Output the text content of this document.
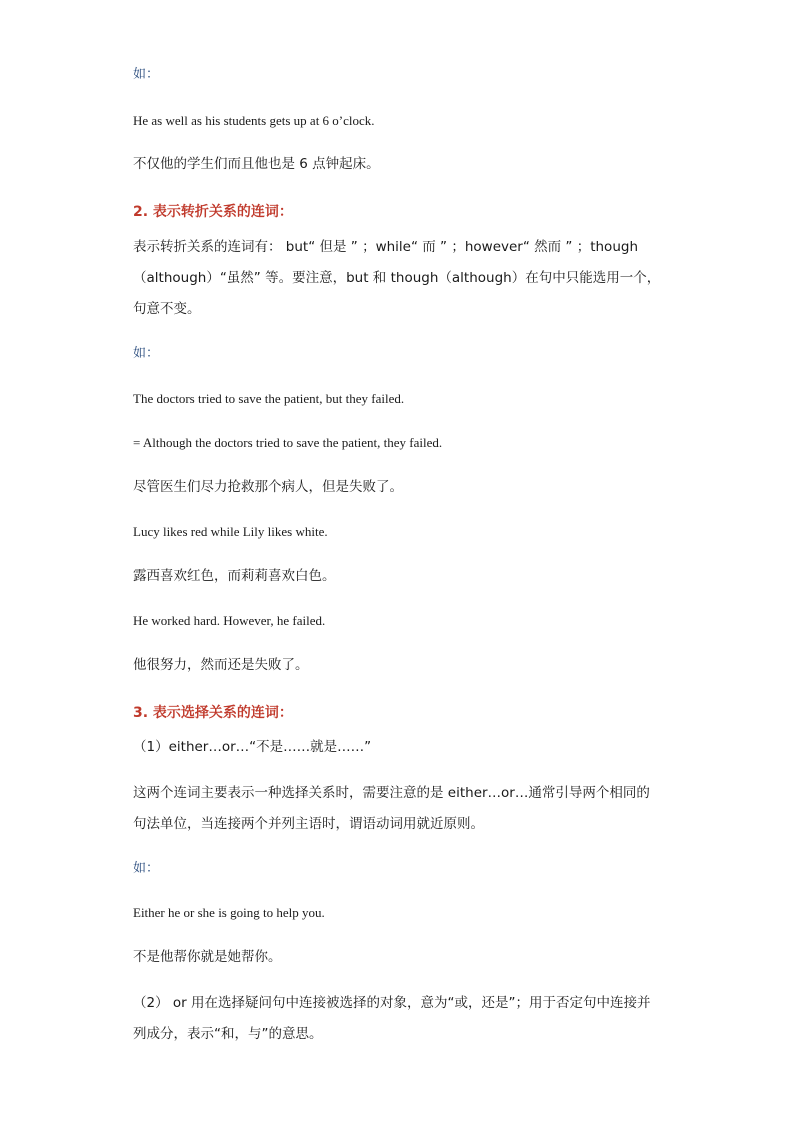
如：
He as well as his students gets up at 6 o’clock.
不仅他的学生们而且他也是 6 点钟起床。
2. 表示转折关系的连词：
表示转折关系的连词有： but“ 但是 ” ；while“ 而 ” ；however“ 然而 ” ；though（although）“虽然” 等。要注意，but 和 though（although）在句中只能选用一个，句意不变。
如：
The doctors tried to save the patient, but they failed.
= Although the doctors tried to save the patient, they failed.
尽管医生们尽力抢救那个病人，但是失败了。
Lucy likes red while Lily likes white.
露西喜欢红色，而莉莉喜欢白色。
He worked hard. However, he failed.
他很努力，然而还是失败了。
3. 表示选择关系的连词：
（1）either…or…“不是……就是……”
这两个连词主要表示一种选择关系时，需要注意的是 either…or…通常引导两个相同的句法单位，当连接两个并列主语时，谓语动词用就近原则。
如：
Either he or she is going to help you.
不是他帮你就是她帮你。
（2） or 用在选择疑问句中连接被选择的对象，意为“或，还是”；用于否定句中连接并列成分，表示“和，与”的意思。
